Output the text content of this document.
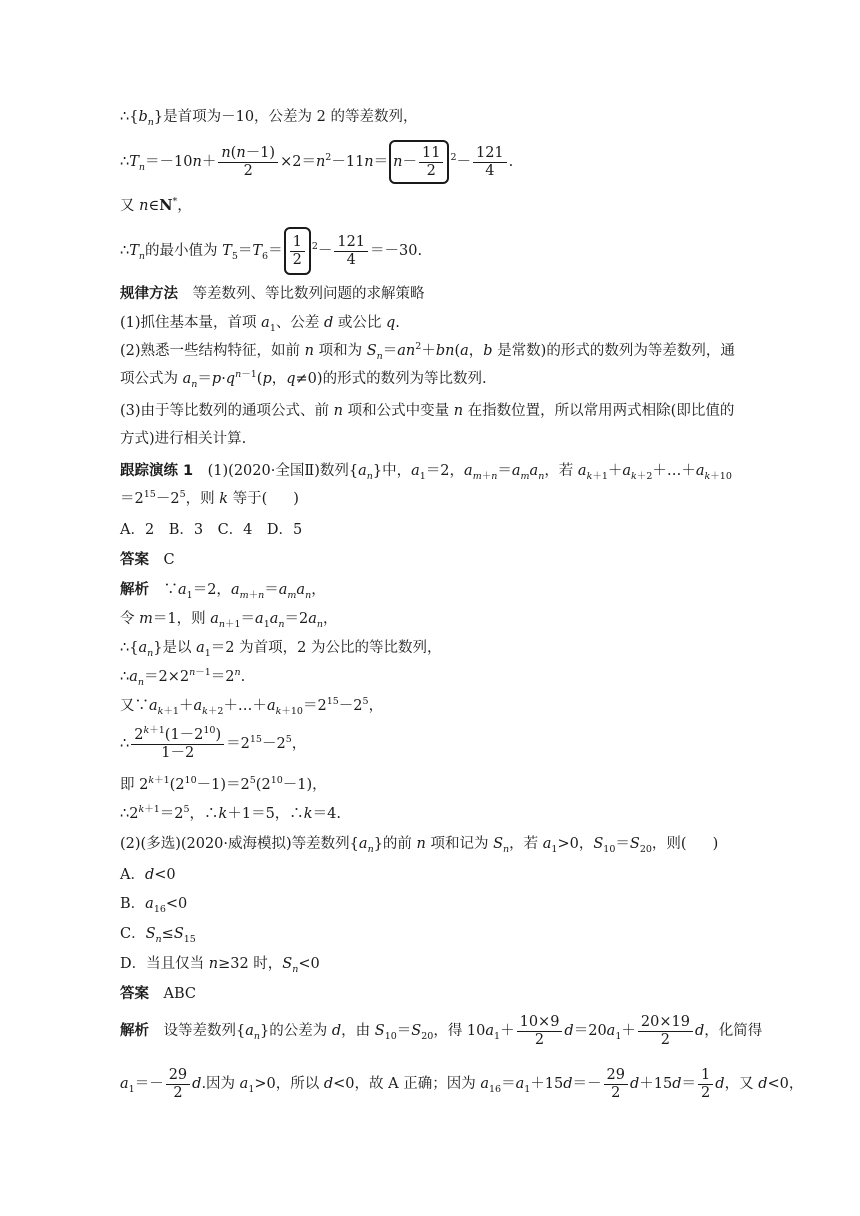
$\therefore\{b_n\}$是首项为－10，公差为 2 的等差数列，
$\therefore T_n=-10n+ \frac{n(n-1)}{2} \times 2=n^2-11n= n- \frac{11}{2} ^2- \frac{121}{4}$ .
又 n∈N*，
$\therefore T_n$的最小值为 $T_5=T_6= \frac{1}{2} ^2- \frac{121}{4} =-30$.
规律方法　 等差数列、等比数列问题的求解策略
(1)抓住基本量，首项 $a_1$、公差 d 或公比 q.
(2)熟悉一些结构特征，如前 n 项和为 $S_n=an^2+bn(a$，b 是常数)的形式的数列为等差数列，通项公式为 $a_n=p\cdot q^{n-1}(p$，q≠0)的形式的数列为等比数列.
(3)由于等比数列的通项公式、前 n 项和公式中变量 n 在指数位置，所以常用两式相除(即比值的方式)进行相关计算.
跟踪演练 1　(1)(2020·全国Ⅱ)数列$\{a_n\}$中，$a_1=2$，$a_{m+n}=a_ma_n$，若 $a_{k+1}+a_{k+2}+\dots+a_{k+10}=2^{15}-2^5$，则 k 等于( )
A．2　B．3　C．4　D．5
答案　 C
解析　$\because a_1=2$，$a_{m+n}=a_ma_n$，
令 m＝1，则 $a_{n+1}=a_1a_n=2a_n$，
$\therefore\{a_n\}$是以 $a_1=2$ 为首项，2 为公比的等比数列，
$\therefore a_n=2\times 2^{n-1}=2^n$.
又$\because a_{k+1}+a_{k+2}+\dots+a_{k+10}=2^{15}-2^5$，
∴ $\frac{2^{k+1}(1-2^{10})}{1-2} =2^{15}-2^5$，
即 $2^{k+1}(2^{10}-1)=2^5(2^{10}-1)$，
$\therefore 2^{k+1}=2^5$，∴k＋1＝5，∴k＝4.
(2)(多选)(2020·威海模拟)等差数列$\{a_n\}$的前 n 项和记为 $S_n$，若 $a_1>0$，$S_{10}=S_{20}$，则( )
A．d<0
B．$a_{16}<0$
C．$S_n\le S_{15}$
D．当且仅当 n≥32 时，$S_n<0$
答案　 ABC
解析　设等差数列$\{a_n\}$的公差为 d，由 $S_{10}=S_{20}$，得 $10a_1+ \frac{10\times 9}{2} d=20a_1+ \frac{20\times 19}{2}$ d，化简得
$a_1=- \frac{29}{2} d$.因为 $a_1>0$，所以 d<0，故 A 正确；因为 $a_{16}=a_1+15d=- \frac{29}{2} d+15d= \frac{1}{2}$ d，又 d<0，
